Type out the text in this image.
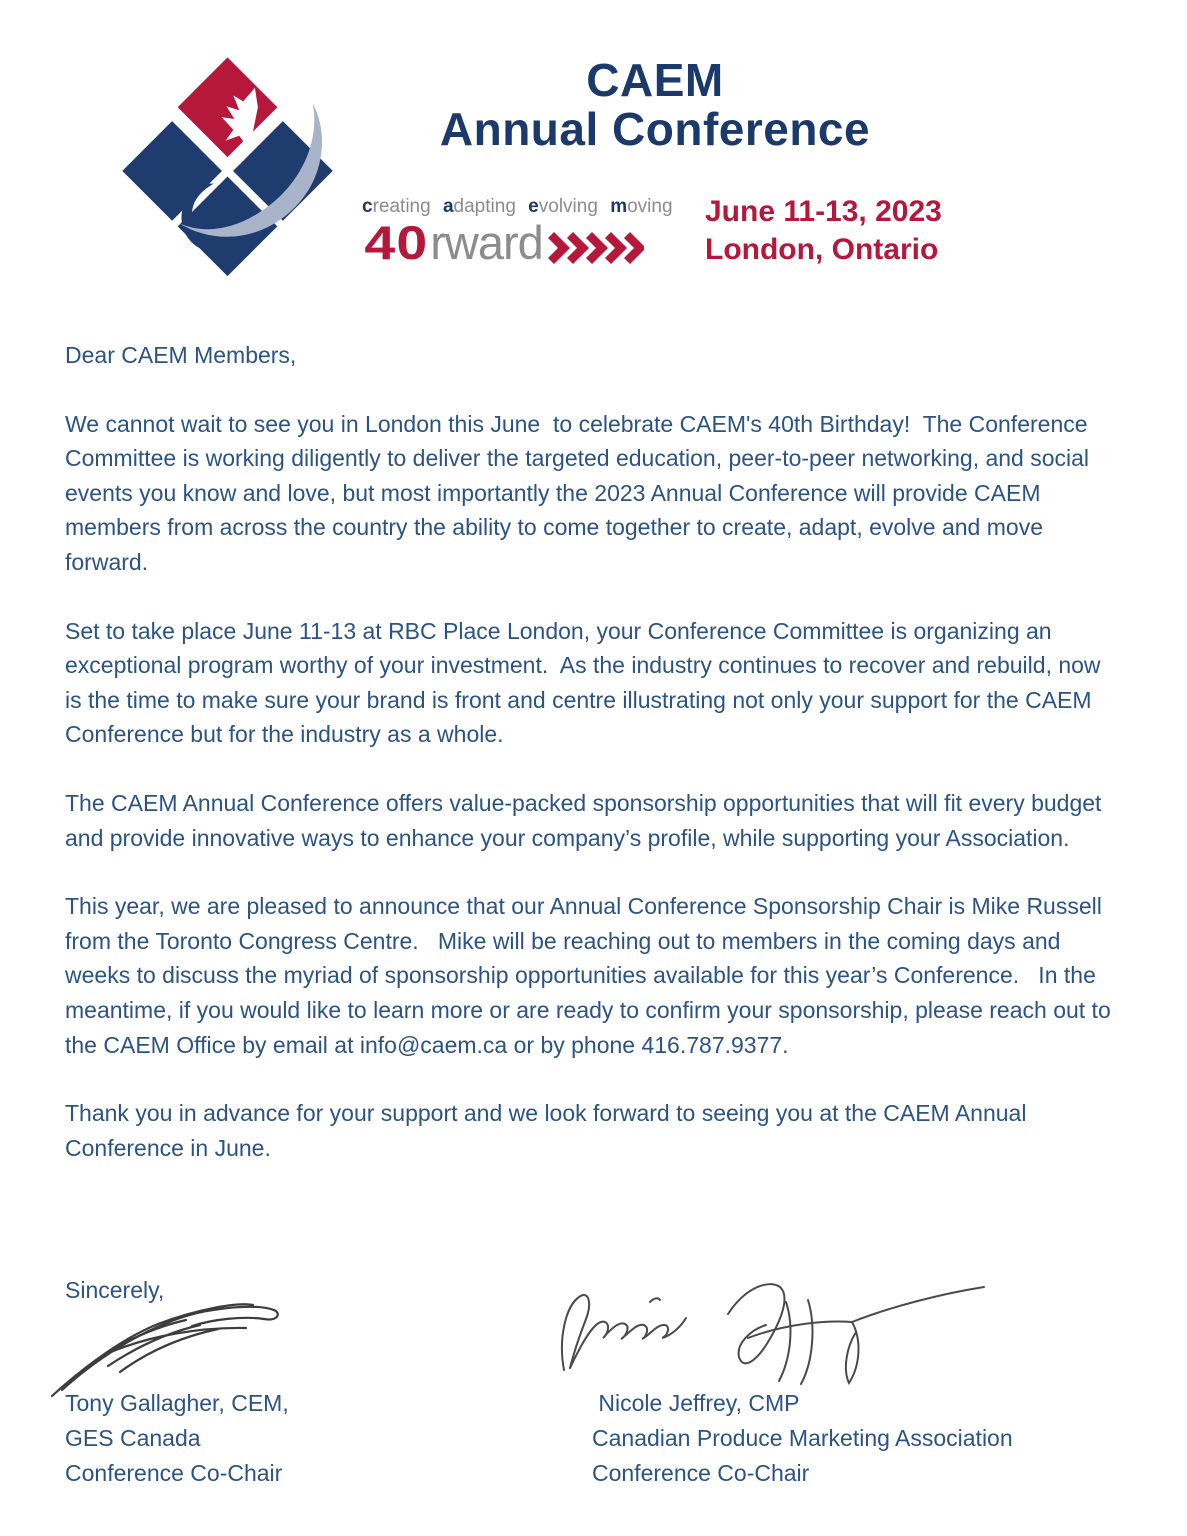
CAEM
Annual Conference
creating adapting evolving moving
40 rward
June 11-13, 2023
London, Ontario

Dear CAEM Members,

We cannot wait to see you in London this June  to celebrate CAEM's 40th Birthday!  The Conference Committee is working diligently to deliver the targeted education, peer-to-peer networking, and social events you know and love, but most importantly the 2023 Annual Conference will provide CAEM members from across the country the ability to come together to create, adapt, evolve and move forward.

Set to take place June 11-13 at RBC Place London, your Conference Committee is organizing an exceptional program worthy of your investment.  As the industry continues to recover and rebuild, now is the time to make sure your brand is front and centre illustrating not only your support for the CAEM Conference but for the industry as a whole.

The CAEM Annual Conference offers value-packed sponsorship opportunities that will fit every budget and provide innovative ways to enhance your company’s profile, while supporting your Association.

This year, we are pleased to announce that our Annual Conference Sponsorship Chair is Mike Russell from the Toronto Congress Centre.   Mike will be reaching out to members in the coming days and weeks to discuss the myriad of sponsorship opportunities available for this year’s Conference.   In the meantime, if you would like to learn more or are ready to confirm your sponsorship, please reach out to the CAEM Office by email at info@caem.ca or by phone 416.787.9377.

Thank you in advance for your support and we look forward to seeing you at the CAEM Annual Conference in June.

Sincerely,
Tony Gallagher, CEM,
GES Canada
Conference Co-Chair
Nicole Jeffrey, CMP
Canadian Produce Marketing Association
Conference Co-Chair
